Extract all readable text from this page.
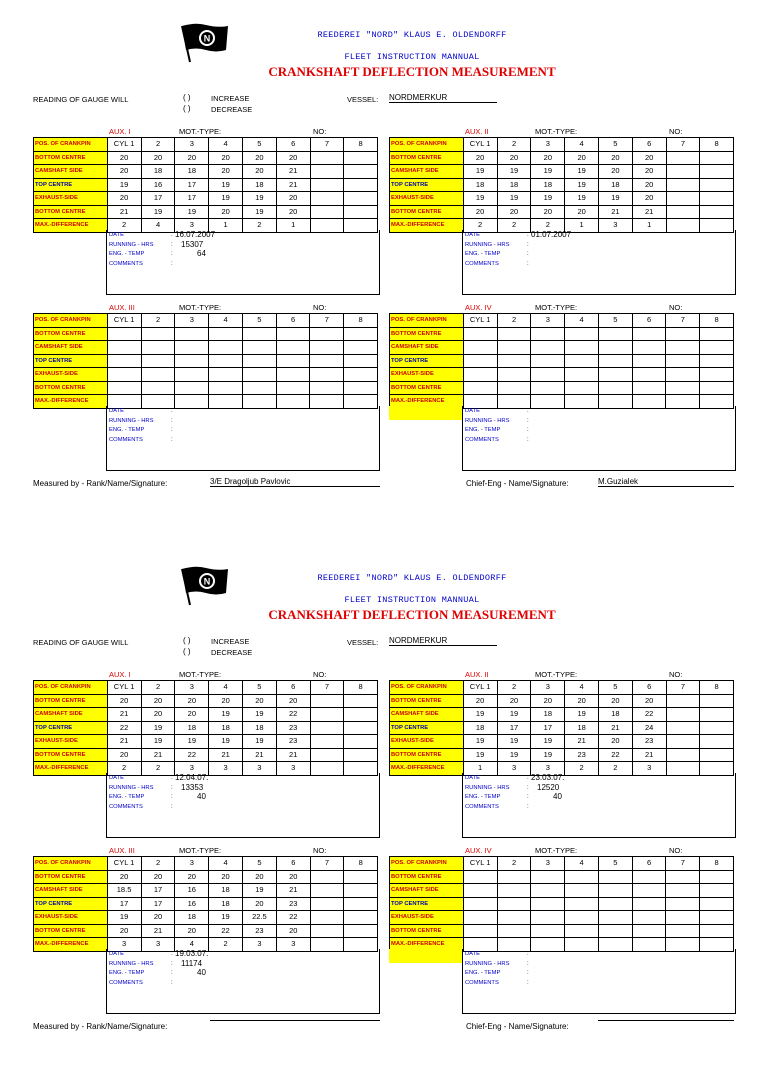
N	REEDEREI "NORD" KLAUS E. OLDENDORFF
FLEET INSTRUCTION MANNUAL
CRANKSHAFT DEFLECTION MEASUREMENT
READING OF GAUGE WILL	( )	INCREASE
( )	DECREASE
VESSEL: NORDMERKUR
AUX. I	MOT.-TYPE:	NO:
POS. OF CRANKPIN	CYL 1	2	3	4	5	6	7	8
BOTTOM CENTRE	20	20	20	20	20	20		
CAMSHAFT SIDE	20	18	18	20	20	21		
TOP CENTRE	19	16	17	19	18	21		
EXHAUST-SIDE	20	17	17	19	19	20		
BOTTOM CENTRE	21	19	19	20	19	20		
MAX.-DIFFERENCE	2	4	3	1	2	1		
DATE	: 16.07.2007
RUNNING - HRS	: 15307
ENG. - TEMP	:	64
COMMENTS	:
AUX. II	MOT.-TYPE:	NO:
POS. OF CRANKPIN	CYL 1	2	3	4	5	6	7	8
BOTTOM CENTRE	20	20	20	20	20	20		
CAMSHAFT SIDE	19	19	19	19	20	20		
TOP CENTRE	18	18	18	19	18	20		
EXHAUST-SIDE	19	19	19	19	19	20		
BOTTOM CENTRE	20	20	20	20	21	21		
MAX.-DIFFERENCE	2	2	2	1	3	1		
DATE	: 01.07.2007
RUNNING - HRS	:
ENG. - TEMP	:
COMMENTS	:
AUX. III	MOT.-TYPE:	NO:
POS. OF CRANKPIN	CYL 1	2	3	4	5	6	7	8
BOTTOM CENTRE								
CAMSHAFT SIDE								
TOP CENTRE								
EXHAUST-SIDE								
BOTTOM CENTRE								
MAX.-DIFFERENCE								
DATE	:
RUNNING - HRS	:
ENG. - TEMP	:
COMMENTS	:
AUX. IV	MOT.-TYPE:	NO:
POS. OF CRANKPIN	CYL 1	2	3	4	5	6	7	8
BOTTOM CENTRE								
CAMSHAFT SIDE								
TOP CENTRE								
EXHAUST-SIDE								
BOTTOM CENTRE								
MAX.-DIFFERENCE								
DATE	:
RUNNING - HRS	:
ENG. - TEMP	:
COMMENTS	:
Measured by - Rank/Name/Signature:	3/E Dragoljub Pavlovic	Chief-Eng - Name/Signature:	M.Guzialek
N	REEDEREI "NORD" KLAUS E. OLDENDORFF
FLEET INSTRUCTION MANNUAL
CRANKSHAFT DEFLECTION MEASUREMENT
READING OF GAUGE WILL	( )	INCREASE
( )	DECREASE
VESSEL: NORDMERKUR
AUX. I	MOT.-TYPE:	NO:
POS. OF CRANKPIN	CYL 1	2	3	4	5	6	7	8
BOTTOM CENTRE	20	20	20	20	20	20		
CAMSHAFT SIDE	21	20	20	19	19	22		
TOP CENTRE	22	19	18	18	18	23		
EXHAUST-SIDE	21	19	19	19	19	23		
BOTTOM CENTRE	20	21	22	21	21	21		
MAX.-DIFFERENCE	2	2	3	3	3	3		
DATE	: 12.04.07.
RUNNING - HRS	: 13353
ENG. - TEMP	:	40
COMMENTS	:
AUX. II	MOT.-TYPE:	NO:
POS. OF CRANKPIN	CYL 1	2	3	4	5	6	7	8
BOTTOM CENTRE	20	20	20	20	20	20		
CAMSHAFT SIDE	19	19	18	19	18	22		
TOP CENTRE	18	17	17	18	21	24		
EXHAUST-SIDE	19	19	19	21	20	23		
BOTTOM CENTRE	19	19	19	23	22	21		
MAX.-DIFFERENCE	1	3	3	2	2	3		
DATE	: 23.03.07.
RUNNING - HRS	: 12520
ENG. - TEMP	:	40
COMMENTS	:
AUX. III	MOT.-TYPE:	NO:
POS. OF CRANKPIN	CYL 1	2	3	4	5	6	7	8
BOTTOM CENTRE	20	20	20	20	20	20		
CAMSHAFT SIDE	18.5	17	16	18	19	21		
TOP CENTRE	17	17	16	18	20	23		
EXHAUST-SIDE	19	20	18	19	22.5	22		
BOTTOM CENTRE	20	21	20	22	23	20		
MAX.-DIFFERENCE	3	3	4	2	3	3		
DATE	: 19.03.07.
RUNNING - HRS	: 11174
ENG. - TEMP	:	40
COMMENTS	:
AUX. IV	MOT.-TYPE:	NO:
POS. OF CRANKPIN	CYL 1	2	3	4	5	6	7	8
BOTTOM CENTRE								
CAMSHAFT SIDE								
TOP CENTRE								
EXHAUST-SIDE								
BOTTOM CENTRE								
MAX.-DIFFERENCE								
DATE	:
RUNNING - HRS	:
ENG. - TEMP	:
COMMENTS	:
Measured by - Rank/Name/Signature:	Chief-Eng - Name/Signature:
